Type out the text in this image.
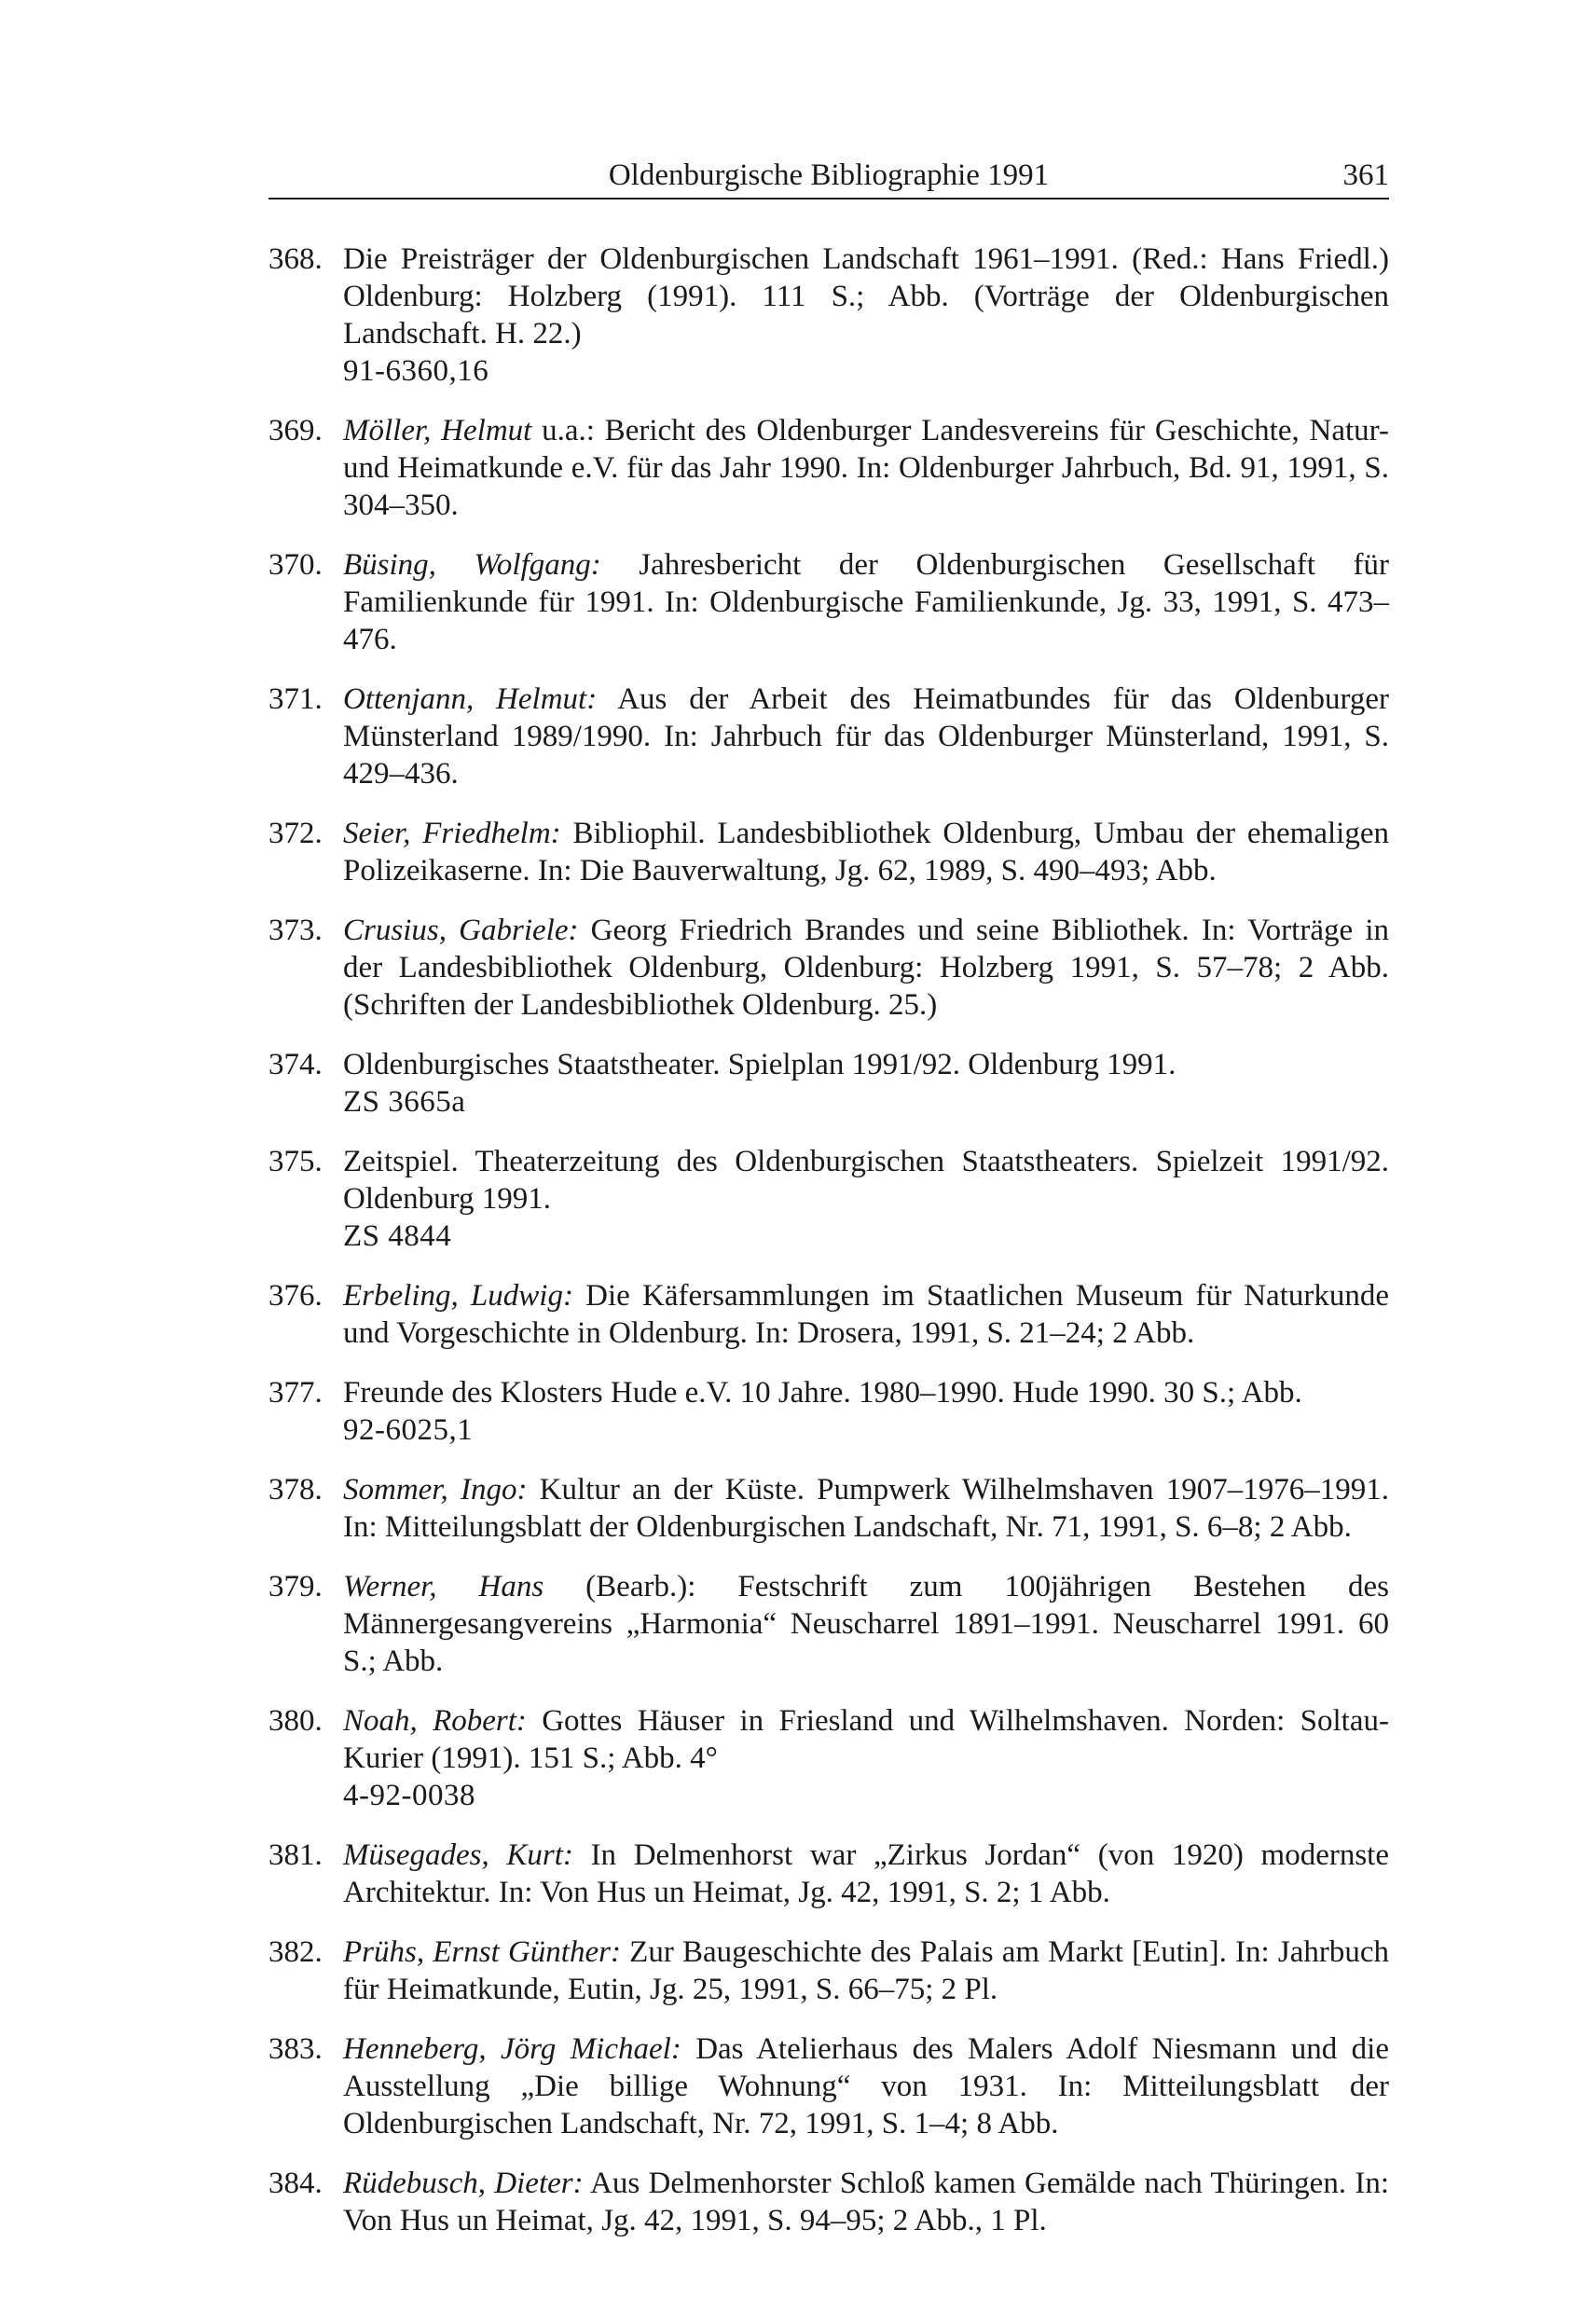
Oldenburgische Bibliographie 1991	361
368. Die Preisträger der Oldenburgischen Landschaft 1961–1991. (Red.: Hans Friedl.) Oldenburg: Holzberg (1991). 111 S.; Abb. (Vorträge der Oldenburgischen Landschaft. H. 22.)
91-6360,16
369. Möller, Helmut u.a.: Bericht des Oldenburger Landesvereins für Geschichte, Natur- und Heimatkunde e.V. für das Jahr 1990. In: Oldenburger Jahrbuch, Bd. 91, 1991, S. 304–350.
370. Büsing, Wolfgang: Jahresbericht der Oldenburgischen Gesellschaft für Familienkunde für 1991. In: Oldenburgische Familienkunde, Jg. 33, 1991, S. 473–476.
371. Ottenjann, Helmut: Aus der Arbeit des Heimatbundes für das Oldenburger Münsterland 1989/1990. In: Jahrbuch für das Oldenburger Münsterland, 1991, S. 429–436.
372. Seier, Friedhelm: Bibliophil. Landesbibliothek Oldenburg, Umbau der ehemaligen Polizeikaserne. In: Die Bauverwaltung, Jg. 62, 1989, S. 490–493; Abb.
373. Crusius, Gabriele: Georg Friedrich Brandes und seine Bibliothek. In: Vorträge in der Landesbibliothek Oldenburg, Oldenburg: Holzberg 1991, S. 57–78; 2 Abb. (Schriften der Landesbibliothek Oldenburg. 25.)
374. Oldenburgisches Staatstheater. Spielplan 1991/92. Oldenburg 1991.
ZS 3665a
375. Zeitspiel. Theaterzeitung des Oldenburgischen Staatstheaters. Spielzeit 1991/92. Oldenburg 1991.
ZS 4844
376. Erbeling, Ludwig: Die Käfersammlungen im Staatlichen Museum für Naturkunde und Vorgeschichte in Oldenburg. In: Drosera, 1991, S. 21–24; 2 Abb.
377. Freunde des Klosters Hude e.V. 10 Jahre. 1980–1990. Hude 1990. 30 S.; Abb.
92-6025,1
378. Sommer, Ingo: Kultur an der Küste. Pumpwerk Wilhelmshaven 1907–1976–1991. In: Mitteilungsblatt der Oldenburgischen Landschaft, Nr. 71, 1991, S. 6–8; 2 Abb.
379. Werner, Hans (Bearb.): Festschrift zum 100jährigen Bestehen des Männergesangvereins „Harmonia“ Neuscharrel 1891–1991. Neuscharrel 1991. 60 S.; Abb.
380. Noah, Robert: Gottes Häuser in Friesland und Wilhelmshaven. Norden: Soltau-Kurier (1991). 151 S.; Abb. 4°
4-92-0038
381. Müsegades, Kurt: In Delmenhorst war „Zirkus Jordan“ (von 1920) modernste Architektur. In: Von Hus un Heimat, Jg. 42, 1991, S. 2; 1 Abb.
382. Prühs, Ernst Günther: Zur Baugeschichte des Palais am Markt [Eutin]. In: Jahrbuch für Heimatkunde, Eutin, Jg. 25, 1991, S. 66–75; 2 Pl.
383. Henneberg, Jörg Michael: Das Atelierhaus des Malers Adolf Niesmann und die Ausstellung „Die billige Wohnung“ von 1931. In: Mitteilungsblatt der Oldenburgischen Landschaft, Nr. 72, 1991, S. 1–4; 8 Abb.
384. Rüdebusch, Dieter: Aus Delmenhorster Schloß kamen Gemälde nach Thüringen. In: Von Hus un Heimat, Jg. 42, 1991, S. 94–95; 2 Abb., 1 Pl.
